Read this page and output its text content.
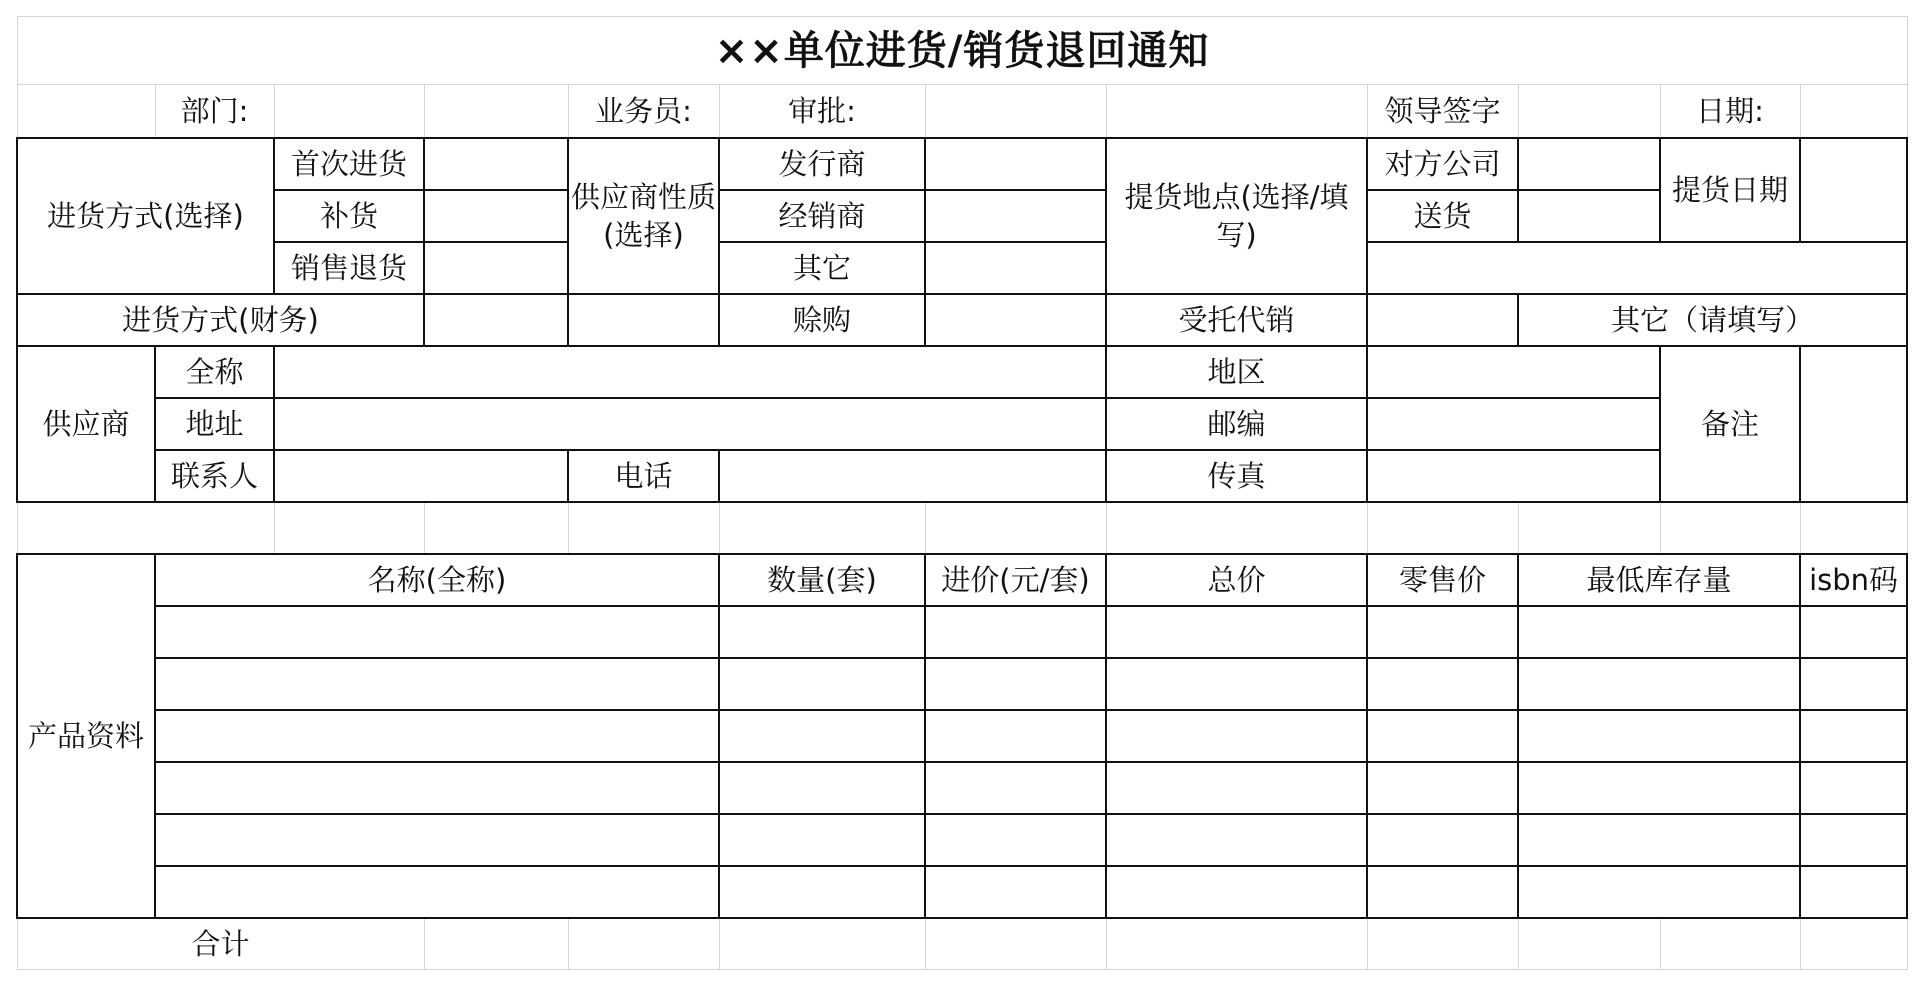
××单位进货/销货退回通知											
	部门:			业务员:	审批:			领导签字		日期:	
进货方式(选择)		首次进货		供应商性质(选择)	发行商		提货地点(选择/填写)	对方公司		提货日期	
		补货			经销商			送货			
		销售退货			其它						
进货方式(财务)					赊购		受托代销		其它（请填写）		
供应商	全称						地区			备注	
	地址						邮编				
	联系人			电话			传真				

产品资料	名称(全称)				数量(套)	进价(元/套)	总价	零售价	最低库存量		isbn码

合计											
